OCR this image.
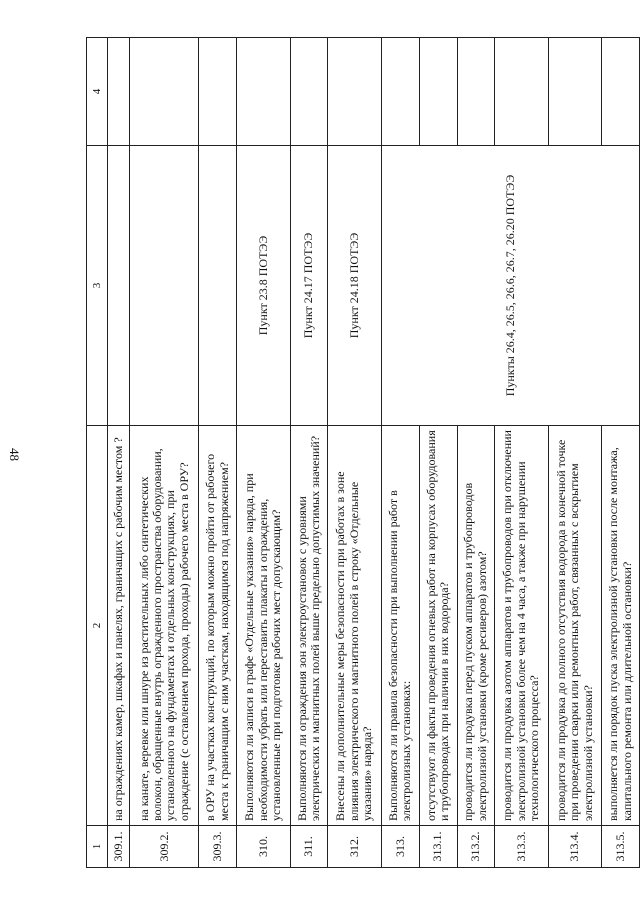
48
1	2	3	4
309.1.	на ограждениях камер, шкафах и панелях, граничащих с рабочим местом ?		
309.2.	на канате, веревке или шнуре из растительных либо синтетических волокон, обращенные внутрь огражденного пространства оборудовании, установленного на фундаментах и отдельных конструкциях, при ограждение (с оставлением прохода, проходы) рабочего места в ОРУ?		
309.3.	в ОРУ на участках конструкций, по которым можно пройти от рабочего места к граничащим с ним участкам, находящимся под напряжением?		
310.	Выполняются ли записи в графе «Отдельные указания» наряда, при необходимости убрать или переставить плакаты и ограждения, установленные при подготовке рабочих мест допускающим?	Пункт 23.8 ПОТЭЭ	
311.	Выполняются ли ограждения зон электроустановок с уровнями электрических и магнитных полей выше предельно допустимых значений?	Пункт 24.17 ПОТЭЭ	
312.	Внесены ли дополнительные меры безопасности при работах в зоне влияния электрического и магнитного полей в строку «Отдельные указания» наряда?	Пункт 24.18 ПОТЭЭ	
313.	Выполняются ли правила безопасности при выполнении работ в электролизных установках:	Пункты 26.4, 26.5, 26.6, 26.7, 26.20 ПОТЭЭ	
313.1.	отсутствуют ли факты проведения огневых работ на корпусах оборудования и трубопроводах при наличии в них водорода?		
313.2.	проводится ли продувка перед пуском аппаратов и трубопроводов электролизной установки (кроме ресиверов) азотом?		
313.3.	проводится ли продувка азотом аппаратов и трубопроводов при отключении электролизной установки более чем на 4 часа, а также при нарушении технологического процесса?		
313.4.	проводится ли продувка до полного отсутствия водорода в конечной точке при проведении сварки или ремонтных работ, связанных с вскрытием электролизной установки?		
313.5.	выполняется ли порядок пуска электролизной установки после монтажа, капитального ремонта или длительной остановки?		
